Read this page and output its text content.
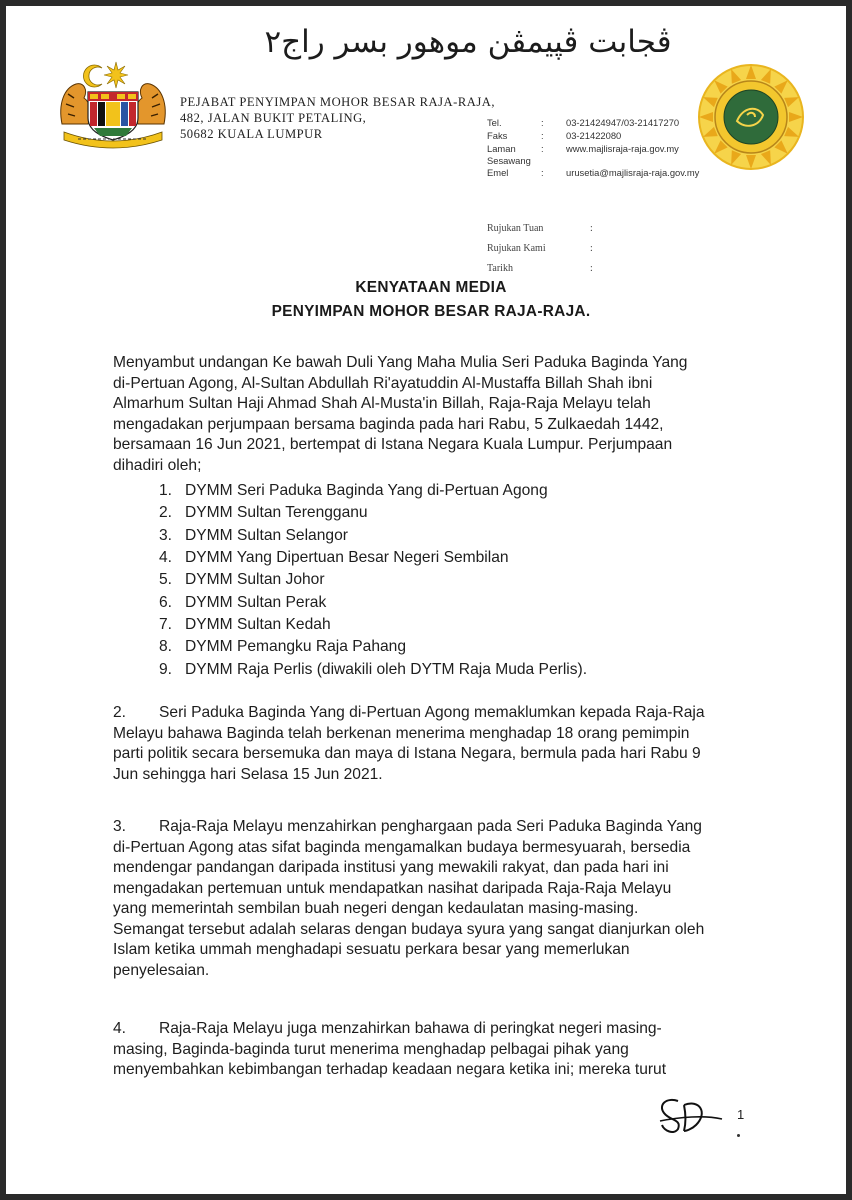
ڤجابت ڤڽيمڤن موهور بسر راج٢
PEJABAT PENYIMPAN MOHOR BESAR RAJA-RAJA,
482, JALAN BUKIT PETALING,
50682 KUALA LUMPUR
Tel.	:	03-21424947/03-21417270
Faks	:	03-21422080
Laman	:	www.majlisraja-raja.gov.my
Sesawang
Emel	:	urusetia@majlisraja-raja.gov.my
Rujukan Tuan	:
Rujukan Kami	:
Tarikh	:
KENYATAAN MEDIA
PENYIMPAN MOHOR BESAR RAJA-RAJA.
Menyambut undangan Ke bawah Duli Yang Maha Mulia Seri Paduka Baginda Yang
di-Pertuan Agong, Al-Sultan Abdullah Ri'ayatuddin Al-Mustaffa Billah Shah ibni
Almarhum Sultan Haji Ahmad Shah Al-Musta'in Billah, Raja-Raja Melayu telah
mengadakan perjumpaan bersama baginda pada hari Rabu, 5 Zulkaedah 1442,
bersamaan 16 Jun 2021, bertempat di Istana Negara Kuala Lumpur. Perjumpaan
dihadiri oleh;
1. DYMM Seri Paduka Baginda Yang di-Pertuan Agong
2. DYMM Sultan Terengganu
3. DYMM Sultan Selangor
4. DYMM Yang Dipertuan Besar Negeri Sembilan
5. DYMM Sultan Johor
6. DYMM Sultan Perak
7. DYMM Sultan Kedah
8. DYMM Pemangku Raja Pahang
9. DYMM Raja Perlis (diwakili oleh DYTM Raja Muda Perlis).
2. Seri Paduka Baginda Yang di-Pertuan Agong memaklumkan kepada Raja-Raja
Melayu bahawa Baginda telah berkenan menerima menghadap 18 orang pemimpin
parti politik secara bersemuka dan maya di Istana Negara, bermula pada hari Rabu 9
Jun sehingga hari Selasa 15 Jun 2021.
3. Raja-Raja Melayu menzahirkan penghargaan pada Seri Paduka Baginda Yang
di-Pertuan Agong atas sifat baginda mengamalkan budaya bermesyuarah, bersedia
mendengar pandangan daripada institusi yang mewakili rakyat, dan pada hari ini
mengadakan pertemuan untuk mendapatkan nasihat daripada Raja-Raja Melayu
yang memerintah sembilan buah negeri dengan kedaulatan masing-masing.
Semangat tersebut adalah selaras dengan budaya syura yang sangat dianjurkan oleh
Islam ketika ummah menghadapi sesuatu perkara besar yang memerlukan
penyelesaian.
4. Raja-Raja Melayu juga menzahirkan bahawa di peringkat negeri masing-
masing, Baginda-baginda turut menerima menghadap pelbagai pihak yang
menyembahkan kebimbangan terhadap keadaan negara ketika ini; mereka turut
1
